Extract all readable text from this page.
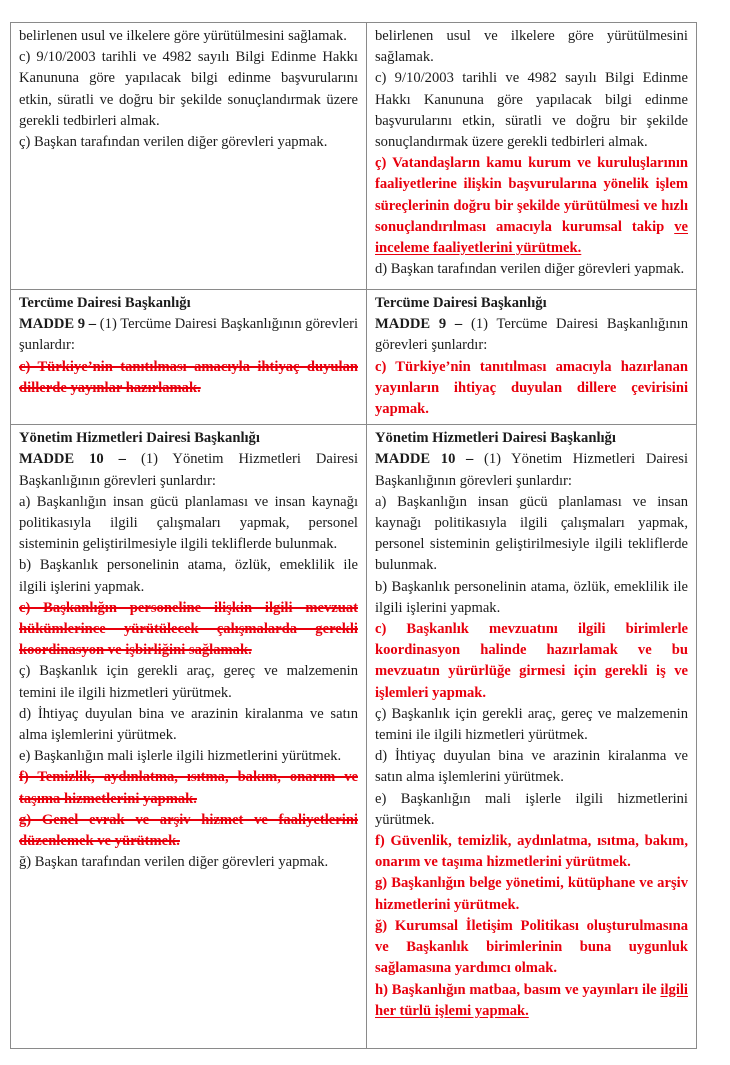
belirlenen usul ve ilkelere göre yürütülmesini sağlamak.

c) 9/10/2003 tarihli ve 4982 sayılı Bilgi Edinme Hakkı Kanununa göre yapılacak bilgi edinme başvurularını etkin, süratli ve doğru bir şekilde sonuçlandırmak üzere gerekli tedbirleri almak.

ç) Başkan tarafından verilen diğer görevleri yapmak.

belirlenen usul ve ilkelere göre yürütülmesini sağlamak.

c) 9/10/2003 tarihli ve 4982 sayılı Bilgi Edinme Hakkı Kanununa göre yapılacak bilgi edinme başvurularını etkin, süratli ve doğru bir şekilde sonuçlandırmak üzere gerekli tedbirleri almak.

ç) Vatandaşların kamu kurum ve kuruluşlarının faaliyetlerine ilişkin başvurularına yönelik işlem süreçlerinin doğru bir şekilde yürütülmesi ve hızlı sonuçlandırılması amacıyla kurumsal takip ve inceleme faaliyetlerini yürütmek.

d) Başkan tarafından verilen diğer görevleri yapmak.

Tercüme Dairesi Başkanlığı

MADDE 9 – (1) Tercüme Dairesi Başkanlığının görevleri şunlardır:

c) Türkiye’nin tanıtılması amacıyla ihtiyaç duyulan dillerde yayınlar hazırlamak.

Tercüme Dairesi Başkanlığı

MADDE 9 – (1) Tercüme Dairesi Başkanlığının görevleri şunlardır:

c) Türkiye’nin tanıtılması amacıyla hazırlanan yayınların ihtiyaç duyulan dillere çevirisini yapmak.

Yönetim Hizmetleri Dairesi Başkanlığı

MADDE 10 – (1) Yönetim Hizmetleri Dairesi Başkanlığının görevleri şunlardır:

a) Başkanlığın insan gücü planlaması ve insan kaynağı politikasıyla ilgili çalışmaları yapmak, personel sisteminin geliştirilmesiyle ilgili tekliflerde bulunmak.

b) Başkanlık personelinin atama, özlük, emeklilik ile ilgili işlerini yapmak.

c) Başkanlığın personeline ilişkin ilgili mevzuat hükümlerince yürütülecek çalışmalarda gerekli koordinasyon ve işbirliğini sağlamak.

ç) Başkanlık için gerekli araç, gereç ve malzemenin temini ile ilgili hizmetleri yürütmek.

d) İhtiyaç duyulan bina ve arazinin kiralanma ve satın alma işlemlerini yürütmek.

e) Başkanlığın mali işlerle ilgili hizmetlerini yürütmek.

f) Temizlik, aydınlatma, ısıtma, bakım, onarım ve taşıma hizmetlerini yapmak.

g) Genel evrak ve arşiv hizmet ve faaliyetlerini düzenlemek ve yürütmek.

ğ) Başkan tarafından verilen diğer görevleri yapmak.

Yönetim Hizmetleri Dairesi Başkanlığı

MADDE 10 – (1) Yönetim Hizmetleri Dairesi Başkanlığının görevleri şunlardır:

a) Başkanlığın insan gücü planlaması ve insan kaynağı politikasıyla ilgili çalışmaları yapmak, personel sisteminin geliştirilmesiyle ilgili tekliflerde bulunmak.

b) Başkanlık personelinin atama, özlük, emeklilik ile ilgili işlerini yapmak.

c) Başkanlık mevzuatını ilgili birimlerle koordinasyon halinde hazırlamak ve bu mevzuatın yürürlüğe girmesi için gerekli iş ve işlemleri yapmak.

ç) Başkanlık için gerekli araç, gereç ve malzemenin temini ile ilgili hizmetleri yürütmek.

d) İhtiyaç duyulan bina ve arazinin kiralanma ve satın alma işlemlerini yürütmek.

e) Başkanlığın mali işlerle ilgili hizmetlerini yürütmek.

f) Güvenlik, temizlik, aydınlatma, ısıtma, bakım, onarım ve taşıma hizmetlerini yürütmek.

g) Başkanlığın belge yönetimi, kütüphane ve arşiv hizmetlerini yürütmek.

ğ) Kurumsal İletişim Politikası oluşturulmasına ve Başkanlık birimlerinin buna uygunluk sağlamasına yardımcı olmak.

h) Başkanlığın matbaa, basım ve yayınları ile ilgili her türlü işlemi yapmak.
